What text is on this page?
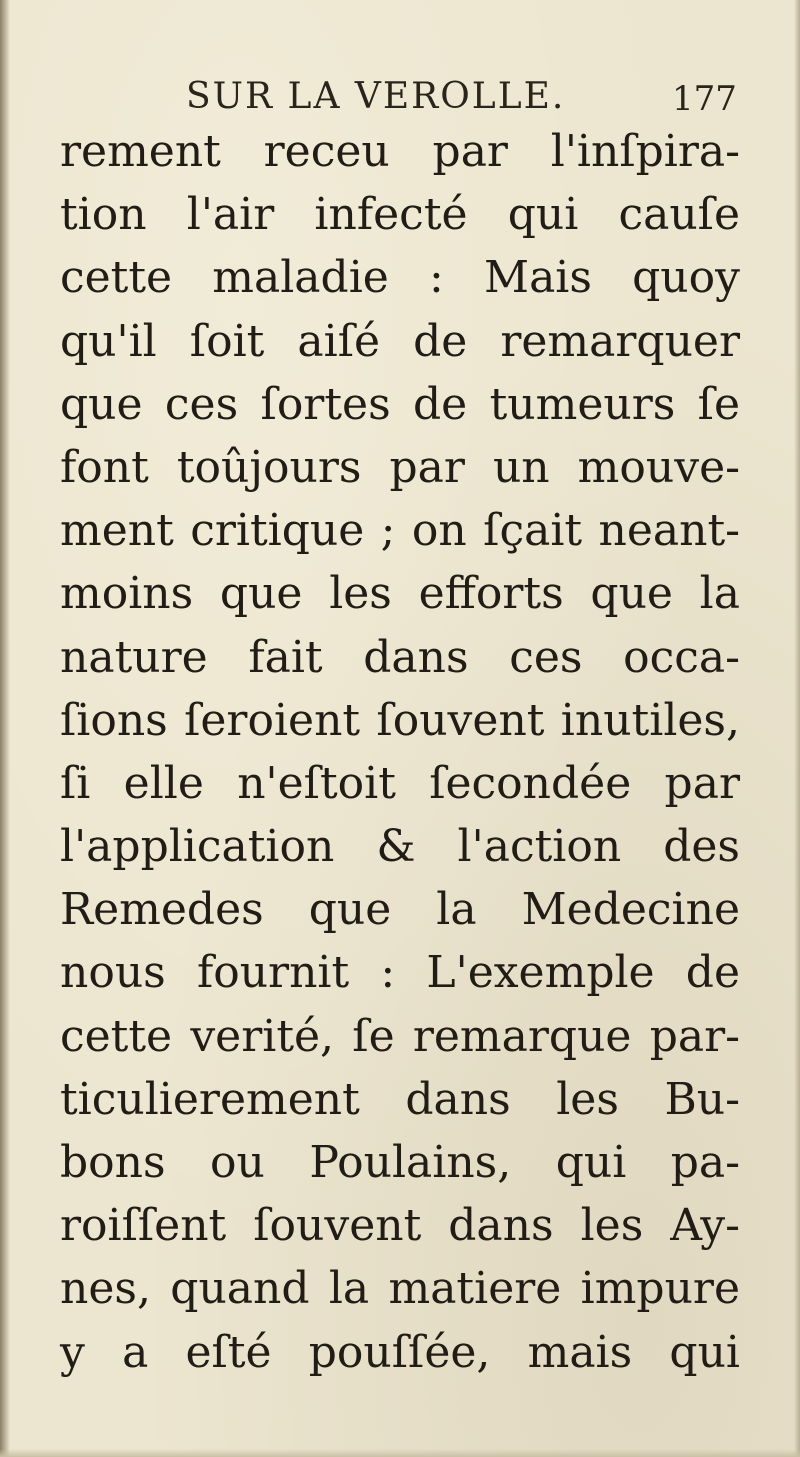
SUR LA VEROLLE.	177
rement receu par l'inſpira-
tion l'air infecté qui cauſe
cette maladie : Mais quoy
qu'il ſoit aiſé de remarquer
que ces ſortes de tumeurs ſe
font toûjours par un mouve-
ment critique ; on ſçait neant-
moins que les efforts que la
nature fait dans ces occa-
ſions ſeroient ſouvent inutiles,
ſi elle n'eſtoit ſecondée par
l'application & l'action des
Remedes que la Medecine
nous fournit : L'exemple de
cette verité, ſe remarque par-
ticulierement dans les Bu-
bons ou Poulains, qui pa-
roiſſent ſouvent dans les Ay-
nes, quand la matiere impure
y a eſté pouſſée, mais qui
